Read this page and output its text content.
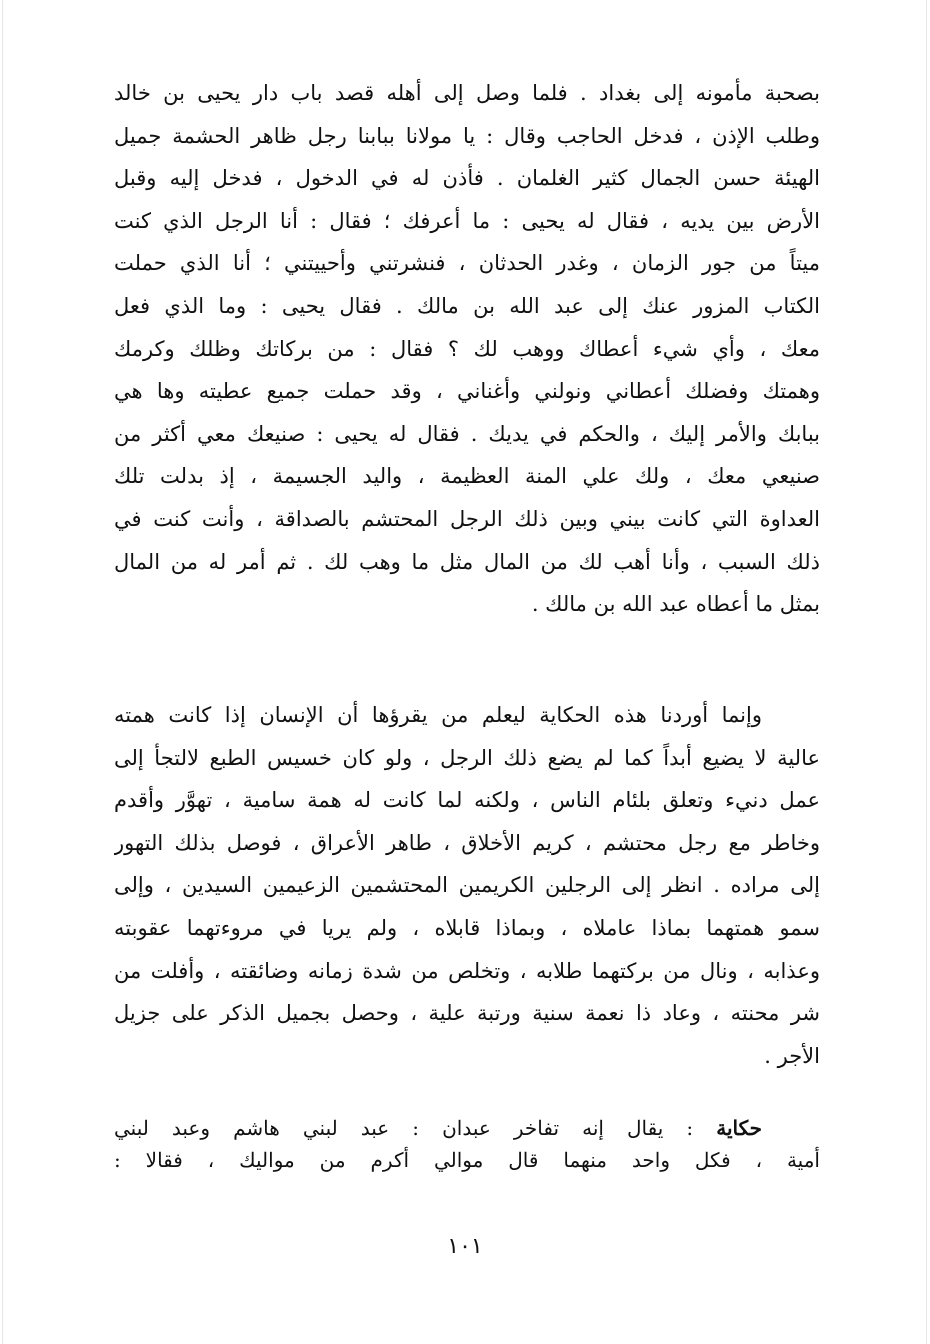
بصحبة مأمونه إلى بغداد . فلما وصل إلى أهله قصد باب دار يحيى بن خالد
وطلب الإذن ، فدخل الحاجب وقال : يا مولانا ببابنا رجل ظاهر الحشمة جميل
الهيئة حسن الجمال كثير الغلمان . فأذن له في الدخول ، فدخل إليه وقبل
الأرض بين يديه ، فقال له يحيى : ما أعرفك ؛ فقال : أنا الرجل الذي كنت
ميتاً من جور الزمان ، وغدر الحدثان ، فنشرتني وأحييتني ؛ أنا الذي حملت
الكتاب المزور عنك إلى عبد الله بن مالك . فقال يحيى : وما الذي فعل
معك ، وأي شيء أعطاك ووهب لك ؟ فقال : من بركاتك وظلك وكرمك
وهمتك وفضلك أعطاني ونولني وأغناني ، وقد حملت جميع عطيته وها هي
ببابك والأمر إليك ، والحكم في يديك . فقال له يحيى : صنيعك معي أكثر من
صنيعي معك ، ولك علي المنة العظيمة ، واليد الجسيمة ، إذ بدلت تلك
العداوة التي كانت بيني وبين ذلك الرجل المحتشم بالصداقة ، وأنت كنت في
ذلك السبب ، وأنا أهب لك من المال مثل ما وهب لك . ثم أمر له من المال
بمثل ما أعطاه عبد الله بن مالك .
وإنما أوردنا هذه الحكاية ليعلم من يقرؤها أن الإنسان إذا كانت همته
عالية لا يضيع أبداً كما لم يضع ذلك الرجل ، ولو كان خسيس الطبع لالتجأ إلى
عمل دنيء وتعلق بلئام الناس ، ولكنه لما كانت له همة سامية ، تهوَّر وأقدم
وخاطر مع رجل محتشم ، كريم الأخلاق ، طاهر الأعراق ، فوصل بذلك التهور
إلى مراده . انظر إلى الرجلين الكريمين المحتشمين الزعيمين السيدين ، وإلى
سمو همتهما بماذا عاملاه ، وبماذا قابلاه ، ولم يريا في مروءتهما عقوبته
وعذابه ، ونال من بركتهما طلابه ، وتخلص من شدة زمانه وضائقته ، وأفلت من
شر محنته ، وعاد ذا نعمة سنية ورتبة علية ، وحصل بجميل الذكر على جزيل
الأجر .
حكاية : يقال إنه تفاخر عبدان : عبد لبني هاشم وعبد لبني
أمية ، فكل واحد منهما قال موالي أكرم من مواليك ، فقالا :
١٠١
